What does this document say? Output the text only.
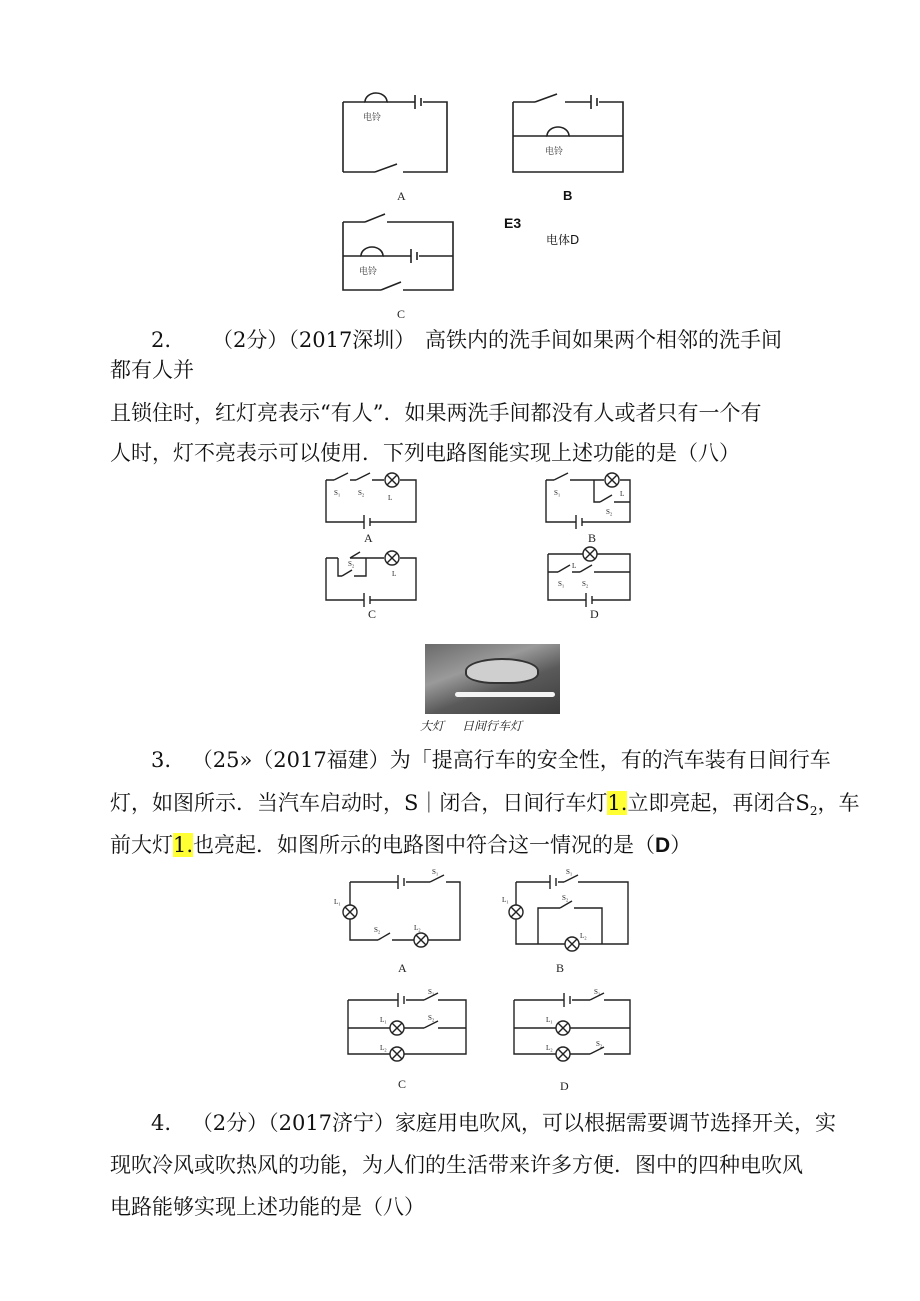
电铃
A
电铃
B
电铃
C
E3
电体D
2. （2分）（2017深圳） 高铁内的洗手间如果两个相邻的洗手间
都有人并
且锁住时，红灯亮表示“有人”．如果两洗手间都没有人或者只有一个有
人时，灯不亮表示可以使用．下列电路图能实现上述功能的是（八）
S₁	S₂
L
A
S₁
S₂
L
B
S₂
L
C
S₁	S₂
L
D
大灯 日间行车灯
3. （25»（2017福建）为「提高行车的安全性，有的汽车装有日间行车
灯，如图所示．当汽车启动时，S｜闭合，日间行车灯1.立即亮起，再闭合$S_2$，车
前大灯1.也亮起．如图所示的电路图中符合这一情况的是（D）
S₁
L₁
S₂	L₂
A
S₁
L₁	S₂
L₂
B
S₁
L₁	S₂
L₂
C
S₁
L₁
S₂
L₂
D
4. （2分）（2017济宁）家庭用电吹风，可以根据需要调节选择开关，实
现吹冷风或吹热风的功能，为人们的生活带来许多方便．图中的四种电吹风
电路能够实现上述功能的是（八）
